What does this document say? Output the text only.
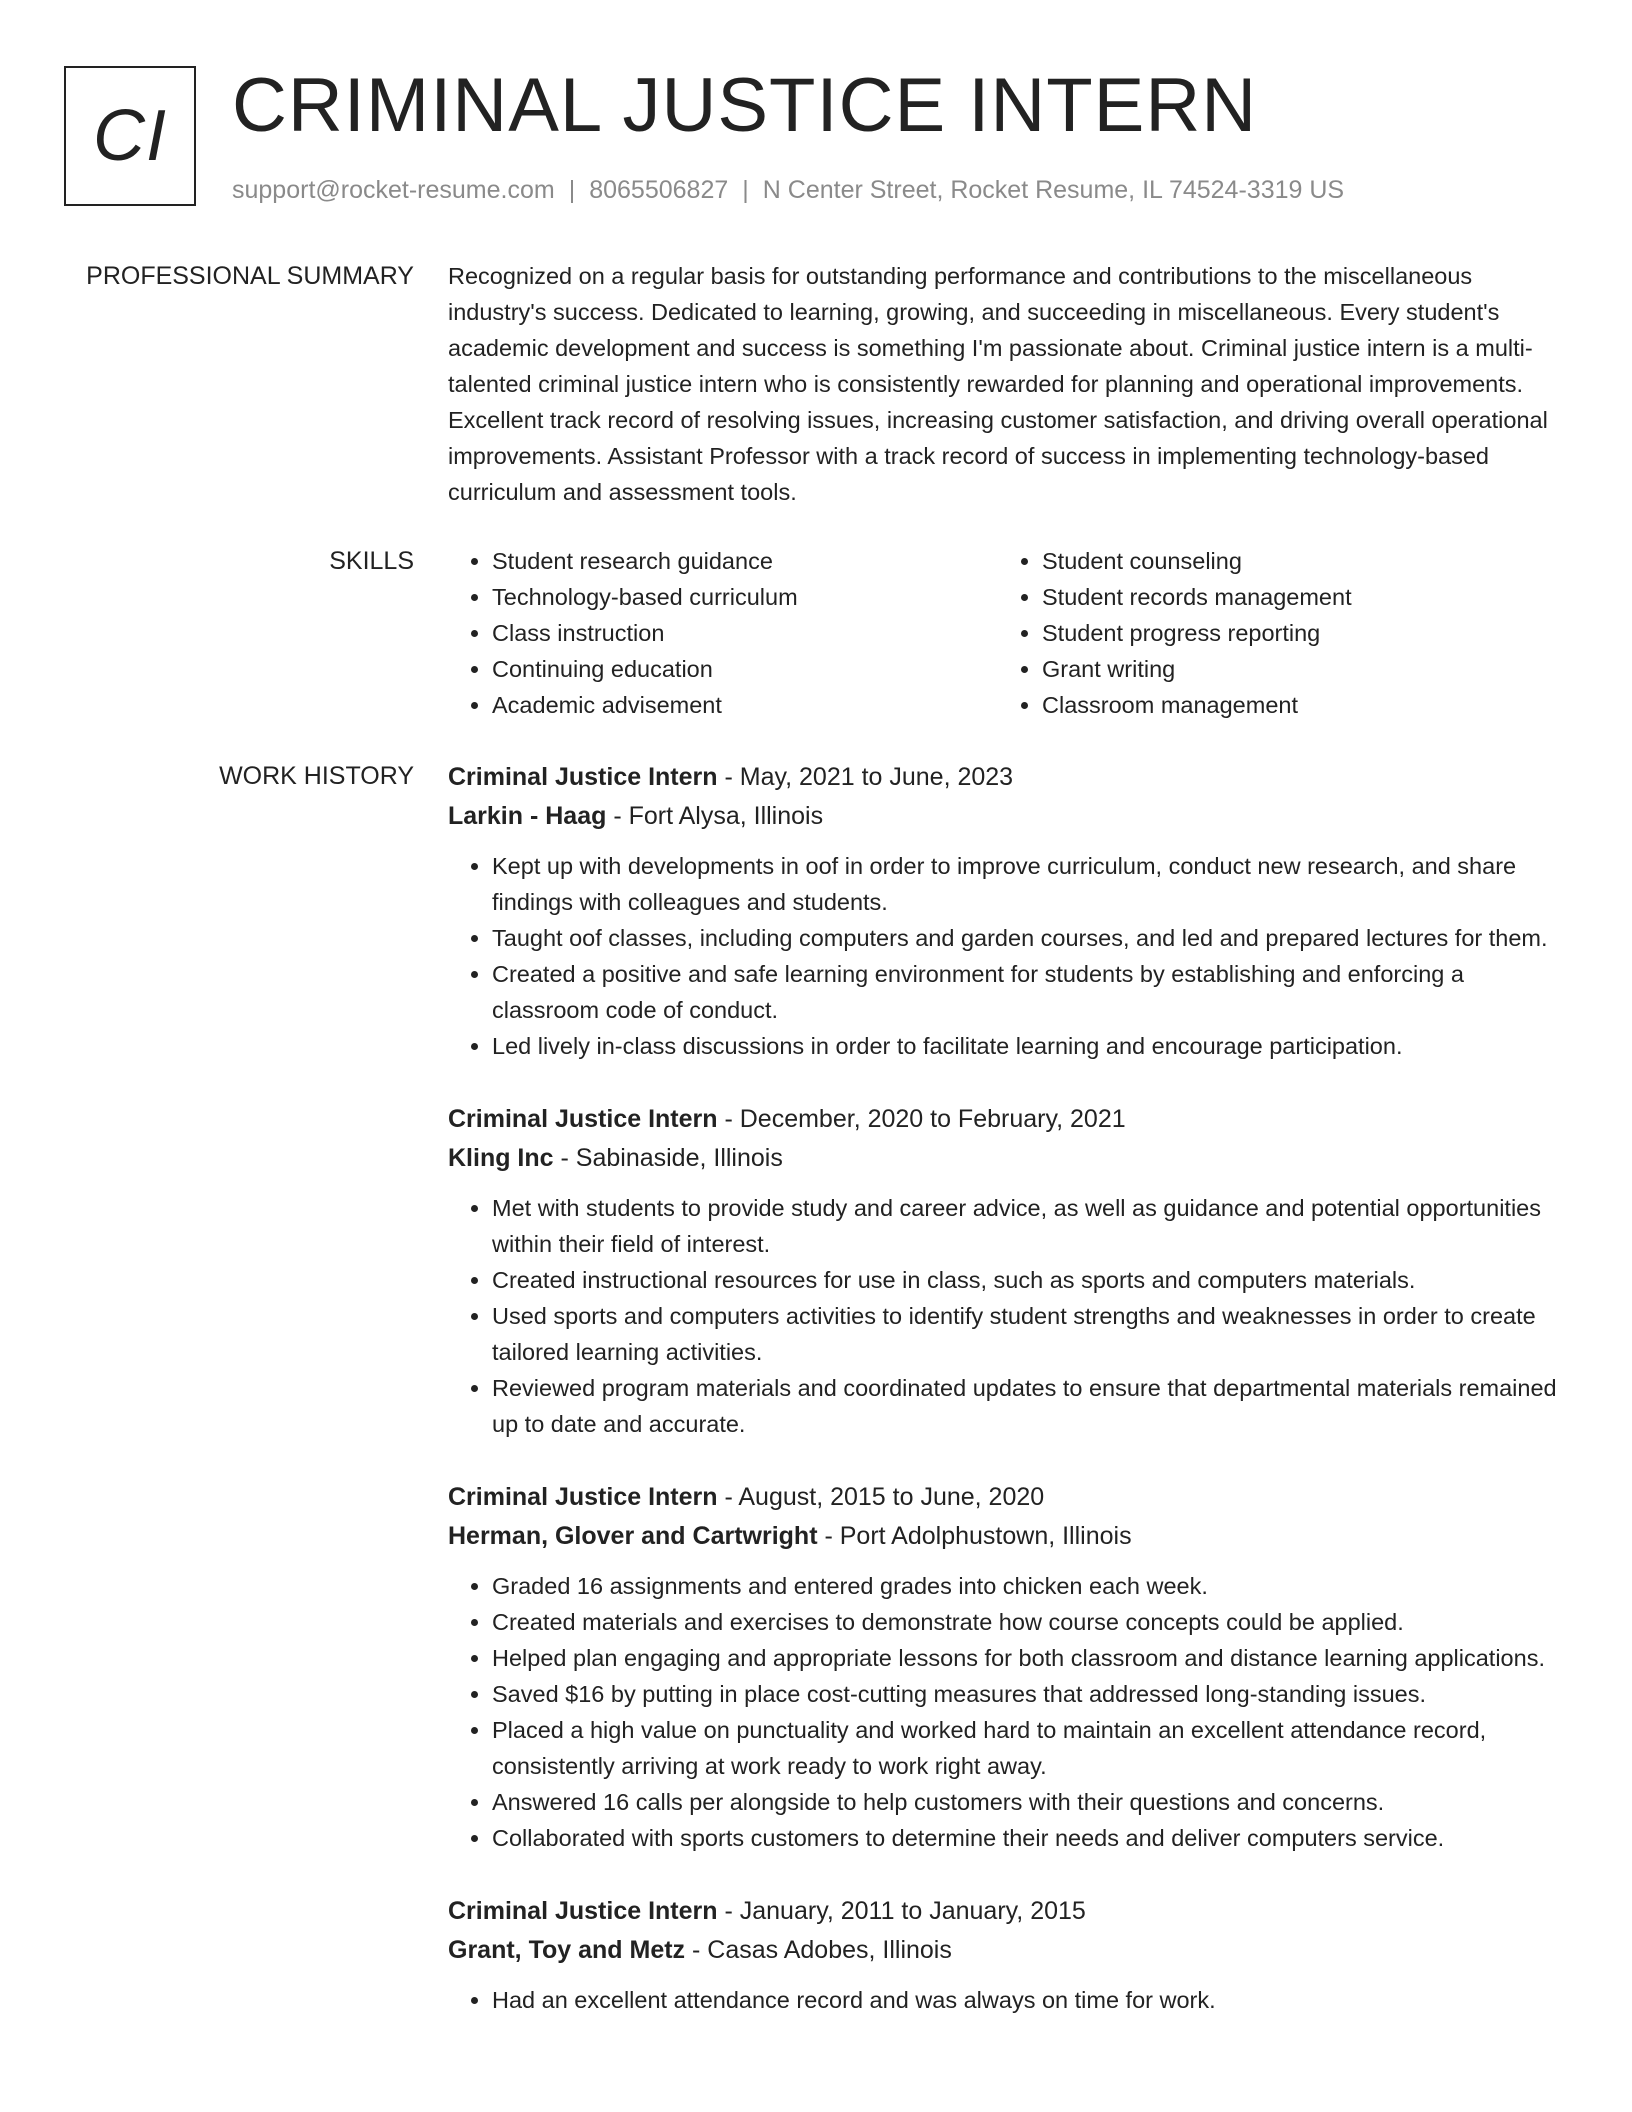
CI CRIMINAL JUSTICE INTERN
support@rocket-resume.com | 8065506827 | N Center Street, Rocket Resume, IL 74524-3319 US
PROFESSIONAL SUMMARY Recognized on a regular basis for outstanding performance and contributions to the miscellaneous industry's success. Dedicated to learning, growing, and succeeding in miscellaneous. Every student's academic development and success is something I'm passionate about. Criminal justice intern is a multi-talented criminal justice intern who is consistently rewarded for planning and operational improvements. Excellent track record of resolving issues, increasing customer satisfaction, and driving overall operational improvements. Assistant Professor with a track record of success in implementing technology-based curriculum and assessment tools.

SKILLS
•	Student research guidance
• Technology-based curriculum
• Class instruction
• Continuing education
• Academic advisement
• Student counseling
• Student records management
• Student progress reporting
• Grant writing
• Classroom management
WORK HISTORY Criminal Justice Intern - May, 2021 to June, 2023
Larkin - Haag - Fort Alysa, Illinois
• Kept up with developments in oof in order to improve curriculum, conduct new research, and share findings with colleagues and students.
• Taught oof classes, including computers and garden courses, and led and prepared lectures for them.
• Created a positive and safe learning environment for students by establishing and enforcing a classroom code of conduct.
• Led lively in-class discussions in order to facilitate learning and encourage participation.
Criminal Justice Intern - December, 2020 to February, 2021
Kling Inc - Sabinaside, Illinois
• Met with students to provide study and career advice, as well as guidance and potential opportunities within their field of interest.
• Created instructional resources for use in class, such as sports and computers materials.
• Used sports and computers activities to identify student strengths and weaknesses in order to create tailored learning activities.
• Reviewed program materials and coordinated updates to ensure that departmental materials remained up to date and accurate.
Criminal Justice Intern - August, 2015 to June, 2020
Herman, Glover and Cartwright - Port Adolphustown, Illinois
• Graded 16 assignments and entered grades into chicken each week.
• Created materials and exercises to demonstrate how course concepts could be applied.
• Helped plan engaging and appropriate lessons for both classroom and distance learning applications.
• Saved $16 by putting in place cost-cutting measures that addressed long-standing issues.
• Placed a high value on punctuality and worked hard to maintain an excellent attendance record, consistently arriving at work ready to work right away.
• Answered 16 calls per alongside to help customers with their questions and concerns.
• Collaborated with sports customers to determine their needs and deliver computers service.
Criminal Justice Intern - January, 2011 to January, 2015
Grant, Toy and Metz - Casas Adobes, Illinois
• Had an excellent attendance record and was always on time for work.
